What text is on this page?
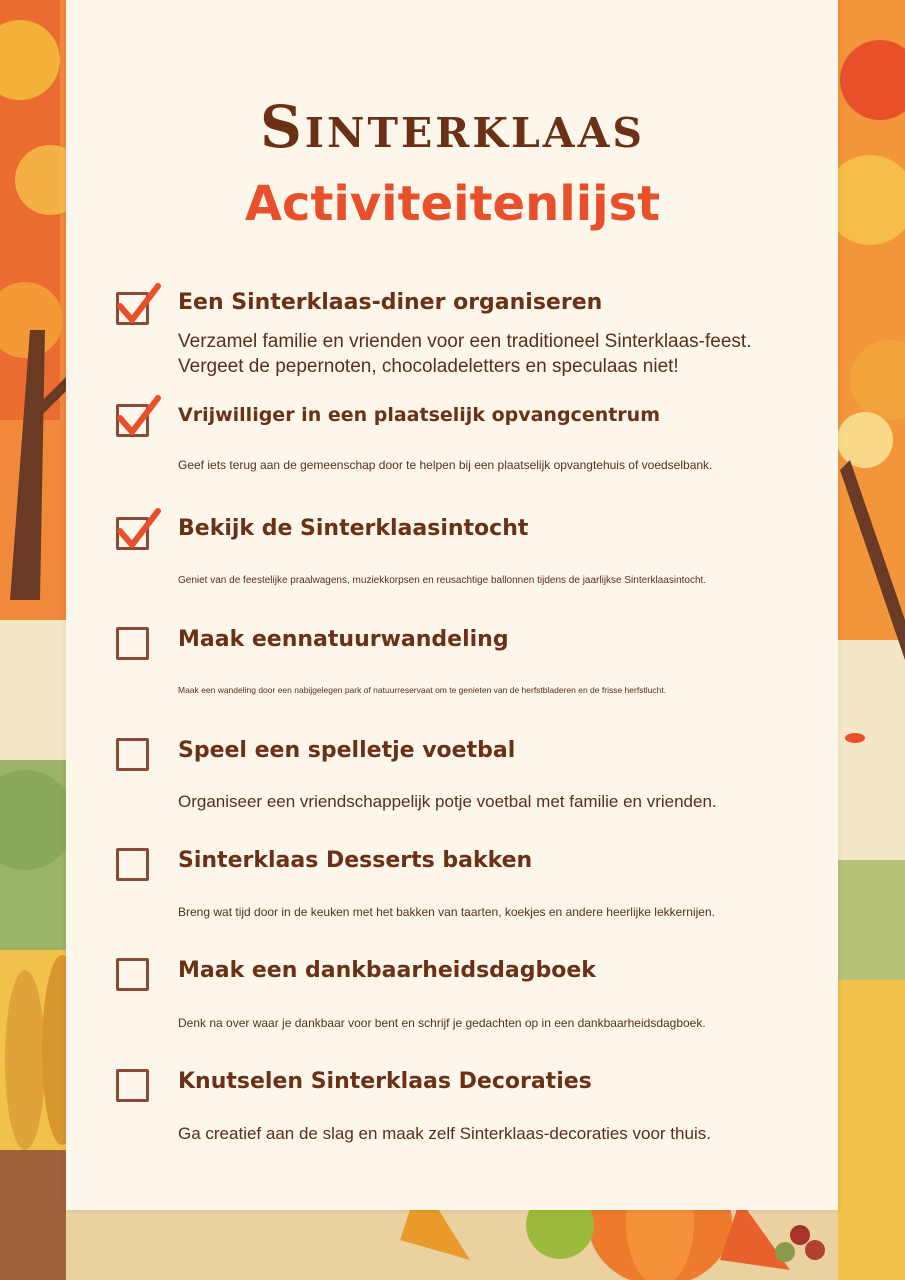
Sinterklaas
Activiteitenlijst
Een Sinterklaas-diner organiseren

Verzamel familie en vrienden voor een traditioneel Sinterklaas-feest. Vergeet de pepernoten, chocoladeletters en speculaas niet!

Vrijwilliger in een plaatselijk opvangcentrum

Geef iets terug aan de gemeenschap door te helpen bij een plaatselijk opvangtehuis of voedselbank.

Bekijk de Sinterklaasintocht

Geniet van de feestelijke praalwagens, muziekkorpsen en reusachtige ballonnen tijdens de jaarlijkse Sinterklaasintocht.

Maak eennatuurwandeling

Maak een wandeling door een nabijgelegen park of natuurreservaat om te genieten van de herfstbladeren en de frisse herfstlucht.

Speel een spelletje voetbal

Organiseer een vriendschappelijk potje voetbal met familie en vrienden.

Sinterklaas Desserts bakken

Breng wat tijd door in de keuken met het bakken van taarten, koekjes en andere heerlijke lekkernijen.

Maak een dankbaarheidsdagboek

Denk na over waar je dankbaar voor bent en schrijf je gedachten op in een dankbaarheidsdagboek.

Knutselen Sinterklaas Decoraties

Ga creatief aan de slag en maak zelf Sinterklaas-decoraties voor thuis.
